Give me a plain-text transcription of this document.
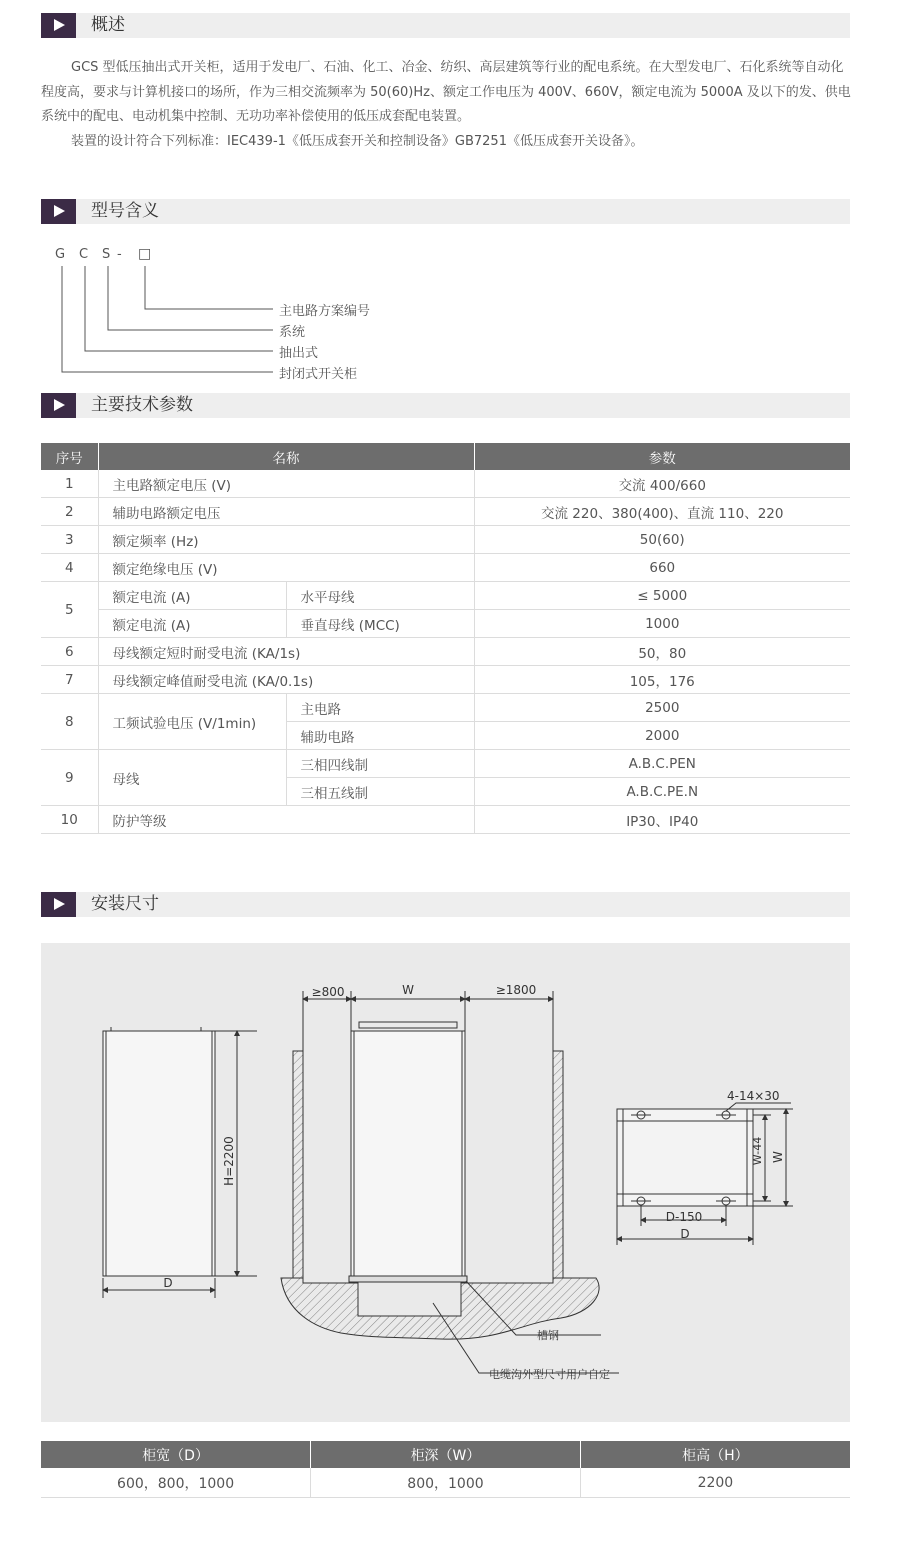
概述

GCS 型低压抽出式开关柜，适用于发电厂、石油、化工、冶金、纺织、高层建筑等行业的配电系统。在大型发电厂、石化系统等自动化程度高，要求与计算机接口的场所，作为三相交流频率为 50(60)Hz、额定工作电压为 400V、660V，额定电流为 5000A 及以下的发、供电系统中的配电、电动机集中控制、无功功率补偿使用的低压成套配电装置。

装置的设计符合下列标准：IEC439-1《低压成套开关和控制设备》GB7251《低压成套开关设备》。

型号含义
G C S - □
主电路方案编号
系统
抽出式
封闭式开关柜
主要技术参数
序号	名称		参数
1	主电路额定电压 (V)		交流 400/660
2	辅助电路额定电压		交流 220、380(400)、直流 110、220
3	额定频率 (Hz)		50(60)
4	额定绝缘电压 (V)		660
5	额定电流 (A)	水平母线	≤ 5000
	额定电流 (A)	垂直母线 (MCC)	1000
6	母线额定短时耐受电流 (KA/1s)		50，80
7	母线额定峰值耐受电流 (KA/0.1s)		105，176
8	工频试验电压 (V/1min)	主电路	2500
		辅助电路	2000
9	母线	三相四线制	A.B.C.PEN
		三相五线制	A.B.C.PE.N
10	防护等级		IP30、IP40
安装尺寸
H=2200
D
≥800	W	≥1800
槽钢
电缆沟外型尺寸用户自定
4-14×30
W-44 W
D-150
D
柜宽（D）	柜深（W）	柜高（H）
600，800，1000	800，1000	2200
